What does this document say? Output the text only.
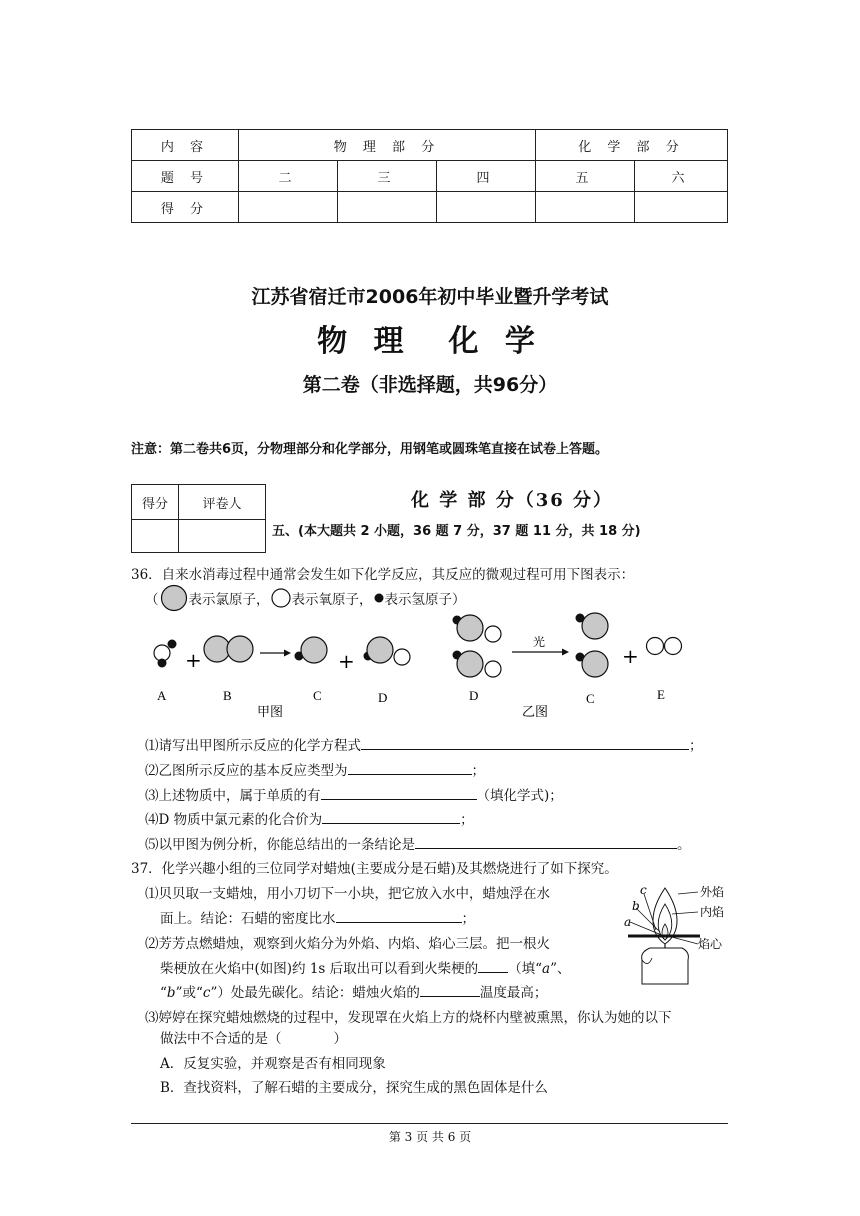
内 容	物 理 部 分			化 学 部 分	
题 号	二	三	四	五	六
得 分					
江苏省宿迁市2006年初中毕业暨升学考试
物 理  化 学
第二卷（非选择题，共96分）
注意：第二卷共6页，分物理部分和化学部分，用钢笔或圆珠笔直接在试卷上答题。
得分	评卷人
		化 学 部 分（36 分）
五、(本大题共 2 小题，36 题 7 分，37 题 11 分，共 18 分)
36．自来水消毒过程中通常会发生如下化学反应，其反应的微观过程可用下图表示：
（ 表示氯原子， 表示氧原子， 表示氢原子）
+	+
A	B	C	D
甲图
光
+
D	C	E
乙图
⑴请写出甲图所示反应的化学方程式	；
⑵乙图所示反应的基本反应类型为	；
⑶上述物质中，属于单质的有	（填化学式)；
⑷D 物质中氯元素的化合价为	；
⑸以甲图为例分析，你能总结出的一条结论是	。
37．化学兴趣小组的三位同学对蜡烛(主要成分是石蜡)及其燃烧进行了如下探究。
⑴贝贝取一支蜡烛，用小刀切下一小块，把它放入水中，蜡烛浮在水
面上。结论：石蜡的密度比水	；
⑵芳芳点燃蜡烛，观察到火焰分为外焰、内焰、焰心三层。把一根火
柴梗放在火焰中(如图)约 1s 后取出可以看到火柴梗的 （填“a”、
“b”或“c”）处最先碳化。结论：蜡烛火焰的	温度最高；
c
b
a
外焰
内焰
焰心
⑶婷婷在探究蜡烛燃烧的过程中，发现罩在火焰上方的烧杯内壁被熏黑，你认为她的以下
做法中不合适的是（	）
A．反复实验，并观察是否有相同现象
B．查找资料，了解石蜡的主要成分，探究生成的黑色固体是什么
第 3 页 共 6 页
